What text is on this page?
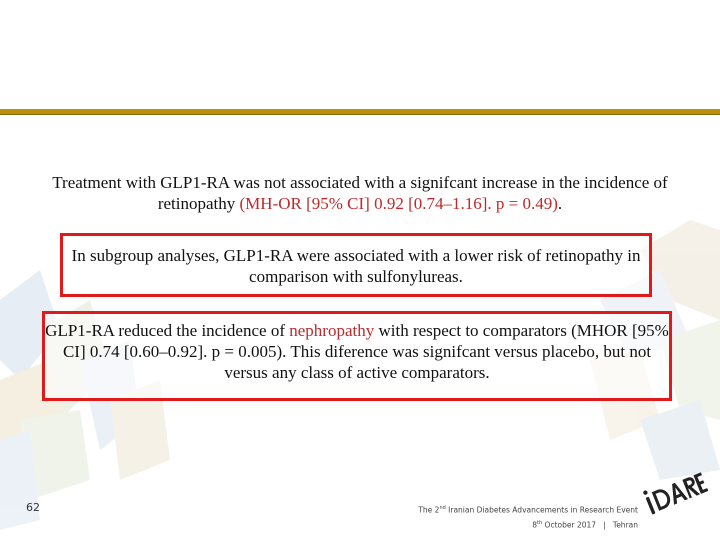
Treatment with GLP1-RA was not associated with a signifcant increase in the incidence of retinopathy (MH-OR [95% CI] 0.92 [0.74–1.16]. p = 0.49).
In subgroup analyses, GLP1-RA were associated with a lower risk of retinopathy in comparison with sulfonylureas.
GLP1-RA reduced the incidence of nephropathy with respect to comparators (MHOR [95% CI] 0.74 [0.60–0.92]. p = 0.005). This diference was signifcant versus placebo, but not versus any class of active comparators.
62	The 2nd Iranian Diabetes Advancements in Research Event
8th October 2017 | Tehran
